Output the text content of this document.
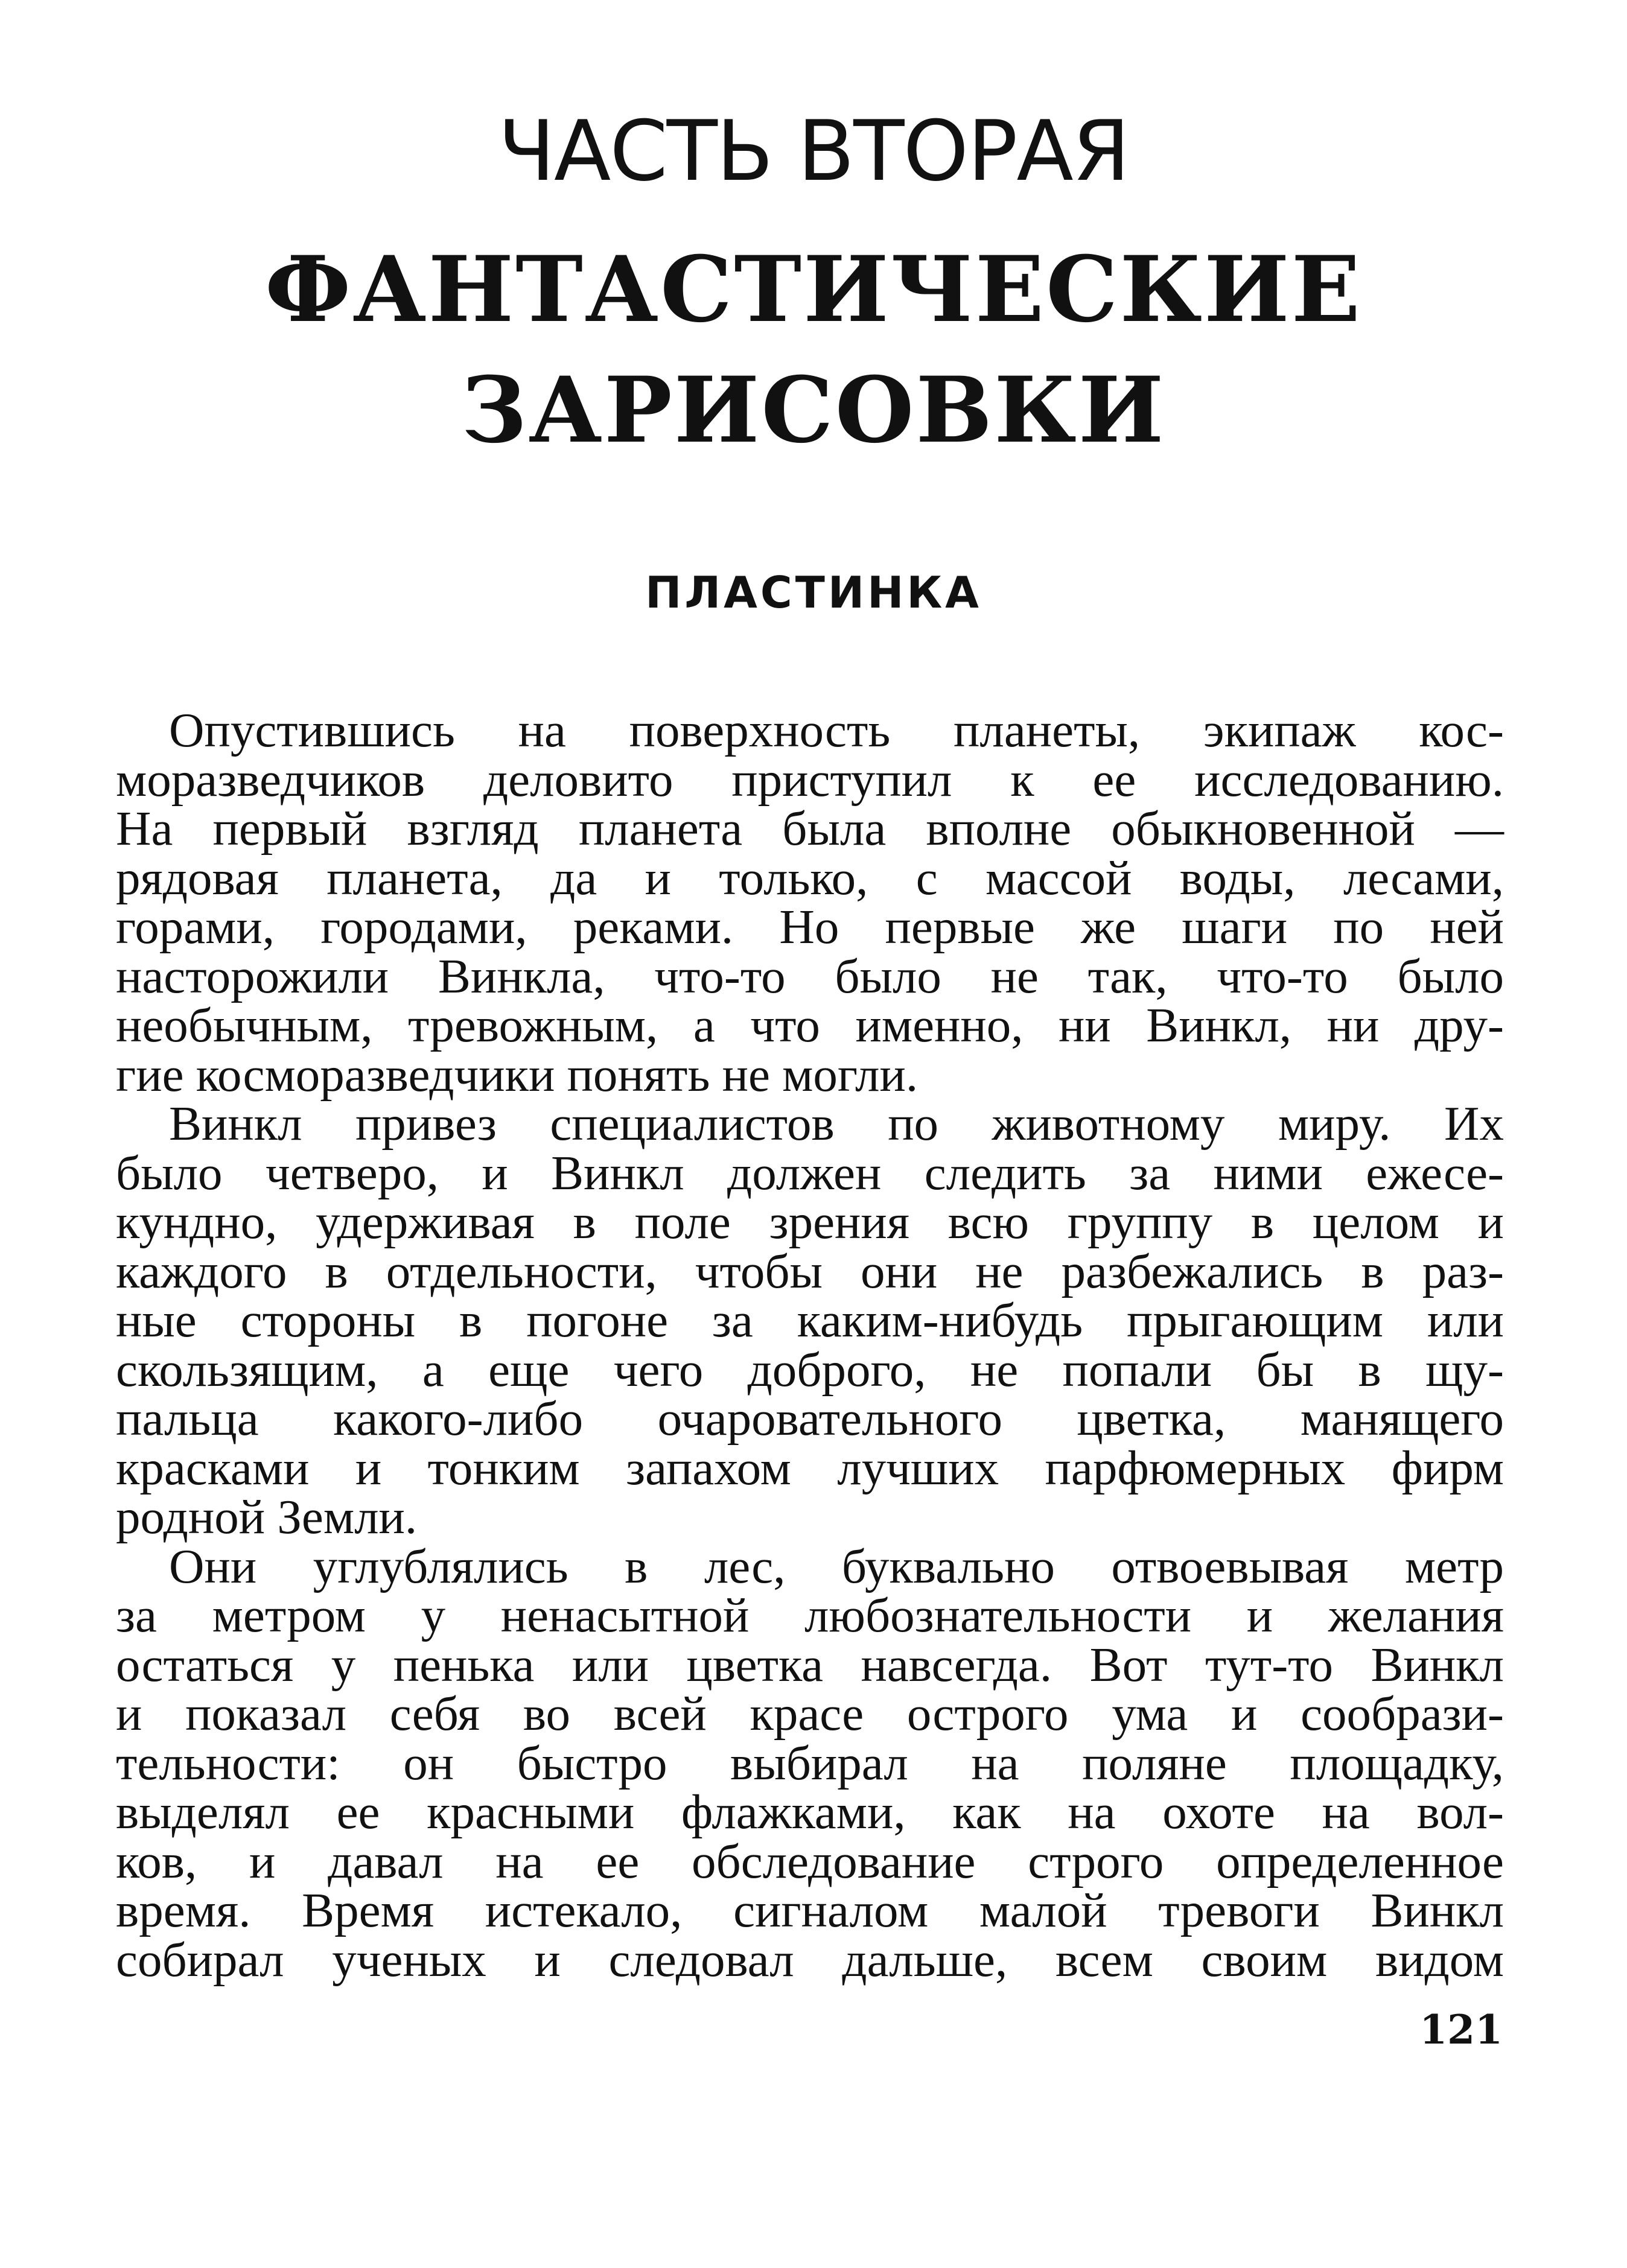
ЧАСТЬ ВТОРАЯ
ФАНТАСТИЧЕСКИЕ
ЗАРИСОВКИ
ПЛАСТИНКА
Опустившись на поверхность планеты, экипаж кос-
моразведчиков деловито приступил к ее исследованию.
На первый взгляд планета была вполне обыкновенной —
рядовая планета, да и только, с массой воды, лесами,
горами, городами, реками. Но первые же шаги по ней
насторожили Винкла, что-то было не так, что-то было
необычным, тревожным, а что именно, ни Винкл, ни дру-
гие косморазведчики понять не могли.
Винкл привез специалистов по животному миру. Их
было четверо, и Винкл должен следить за ними ежесе-
кундно, удерживая в поле зрения всю группу в целом и
каждого в отдельности, чтобы они не разбежались в раз-
ные стороны в погоне за каким-нибудь прыгающим или
скользящим, а еще чего доброго, не попали бы в щу-
пальца какого-либо очаровательного цветка, манящего
красками и тонким запахом лучших парфюмерных фирм
родной Земли.
Они углублялись в лес, буквально отвоевывая метр
за метром у ненасытной любознательности и желания
остаться у пенька или цветка навсегда. Вот тут-то Винкл
и показал себя во всей красе острого ума и сообрази-
тельности: он быстро выбирал на поляне площадку,
выделял ее красными флажками, как на охоте на вол-
ков, и давал на ее обследование строго определенное
время. Время истекало, сигналом малой тревоги Винкл
собирал ученых и следовал дальше, всем своим видом
121
